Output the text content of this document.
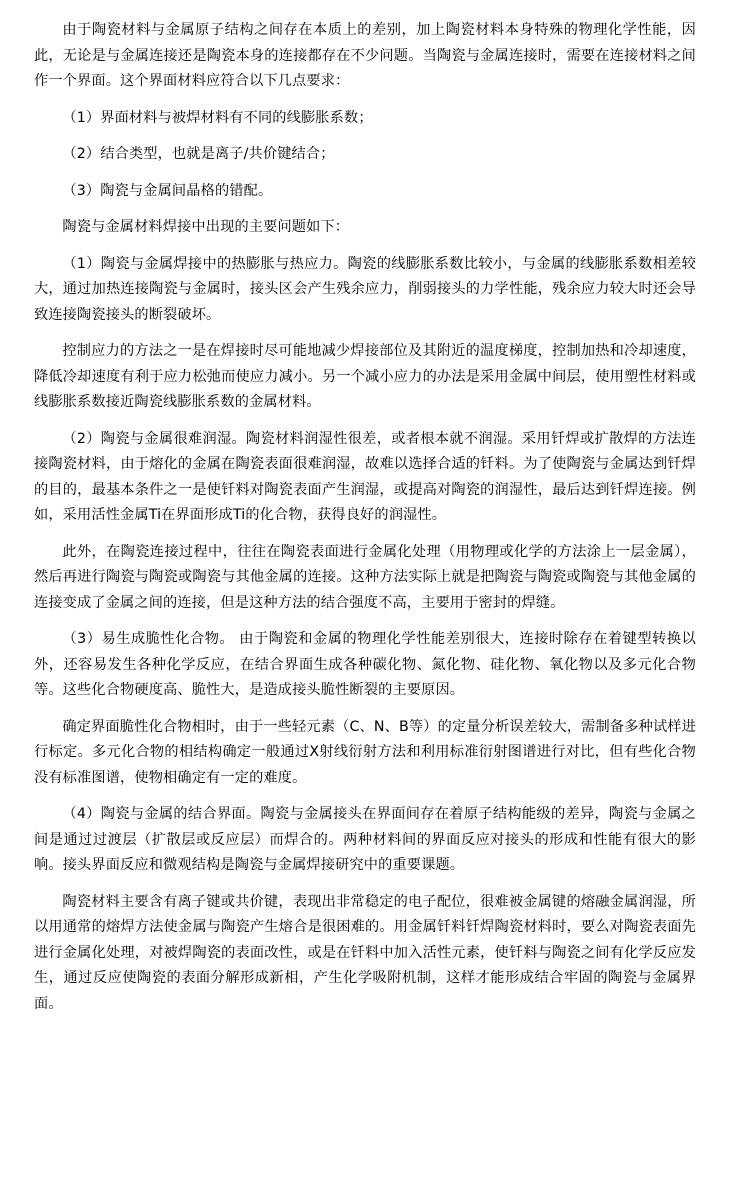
由于陶瓷材料与金属原子结构之间存在本质上的差别，加上陶瓷材料本身特殊的物理化学性能，因此，无论是与金属连接还是陶瓷本身的连接都存在不少问题。当陶瓷与金属连接时，需要在连接材料之间作一个界面。这个界面材料应符合以下几点要求：

（1）界面材料与被焊材料有不同的线膨胀系数；

（2）结合类型，也就是离子/共价键结合；

（3）陶瓷与金属间晶格的错配。

陶瓷与金属材料焊接中出现的主要问题如下：

（1）陶瓷与金属焊接中的热膨胀与热应力。陶瓷的线膨胀系数比较小，与金属的线膨胀系数相差较大，通过加热连接陶瓷与金属时，接头区会产生残余应力，削弱接头的力学性能，残余应力较大时还会导致连接陶瓷接头的断裂破坏。

控制应力的方法之一是在焊接时尽可能地减少焊接部位及其附近的温度梯度，控制加热和冷却速度，降低冷却速度有利于应力松弛而使应力减小。另一个减小应力的办法是采用金属中间层，使用塑性材料或线膨胀系数接近陶瓷线膨胀系数的金属材料。

（2）陶瓷与金属很难润湿。陶瓷材料润湿性很差，或者根本就不润湿。采用钎焊或扩散焊的方法连接陶瓷材料，由于熔化的金属在陶瓷表面很难润湿，故难以选择合适的钎料。为了使陶瓷与金属达到钎焊的目的，最基本条件之一是使钎料对陶瓷表面产生润湿，或提高对陶瓷的润湿性，最后达到钎焊连接。例如，采用活性金属Ti在界面形成Ti的化合物，获得良好的润湿性。

此外，在陶瓷连接过程中，往往在陶瓷表面进行金属化处理（用物理或化学的方法涂上一层金属），然后再进行陶瓷与陶瓷或陶瓷与其他金属的连接。这种方法实际上就是把陶瓷与陶瓷或陶瓷与其他金属的连接变成了金属之间的连接，但是这种方法的结合强度不高，主要用于密封的焊缝。

（3）易生成脆性化合物。 由于陶瓷和金属的物理化学性能差别很大，连接时除存在着键型转换以外，还容易发生各种化学反应，在结合界面生成各种碳化物、氮化物、硅化物、氧化物以及多元化合物等。这些化合物硬度高、脆性大，是造成接头脆性断裂的主要原因。

确定界面脆性化合物相时，由于一些轻元素（C、N、B等）的定量分析误差较大，需制备多种试样进行标定。多元化合物的相结构确定一般通过X射线衍射方法和利用标准衍射图谱进行对比，但有些化合物没有标准图谱，使物相确定有一定的难度。

（4）陶瓷与金属的结合界面。陶瓷与金属接头在界面间存在着原子结构能级的差异，陶瓷与金属之间是通过过渡层（扩散层或反应层）而焊合的。两种材料间的界面反应对接头的形成和性能有很大的影响。接头界面反应和微观结构是陶瓷与金属焊接研究中的重要课题。

陶瓷材料主要含有离子键或共价键，表现出非常稳定的电子配位，很难被金属键的熔融金属润湿，所以用通常的熔焊方法使金属与陶瓷产生熔合是很困难的。用金属钎料钎焊陶瓷材料时，要么对陶瓷表面先进行金属化处理，对被焊陶瓷的表面改性，或是在钎料中加入活性元素，使钎料与陶瓷之间有化学反应发生，通过反应使陶瓷的表面分解形成新相，产生化学吸附机制，这样才能形成结合牢固的陶瓷与金属界面。
